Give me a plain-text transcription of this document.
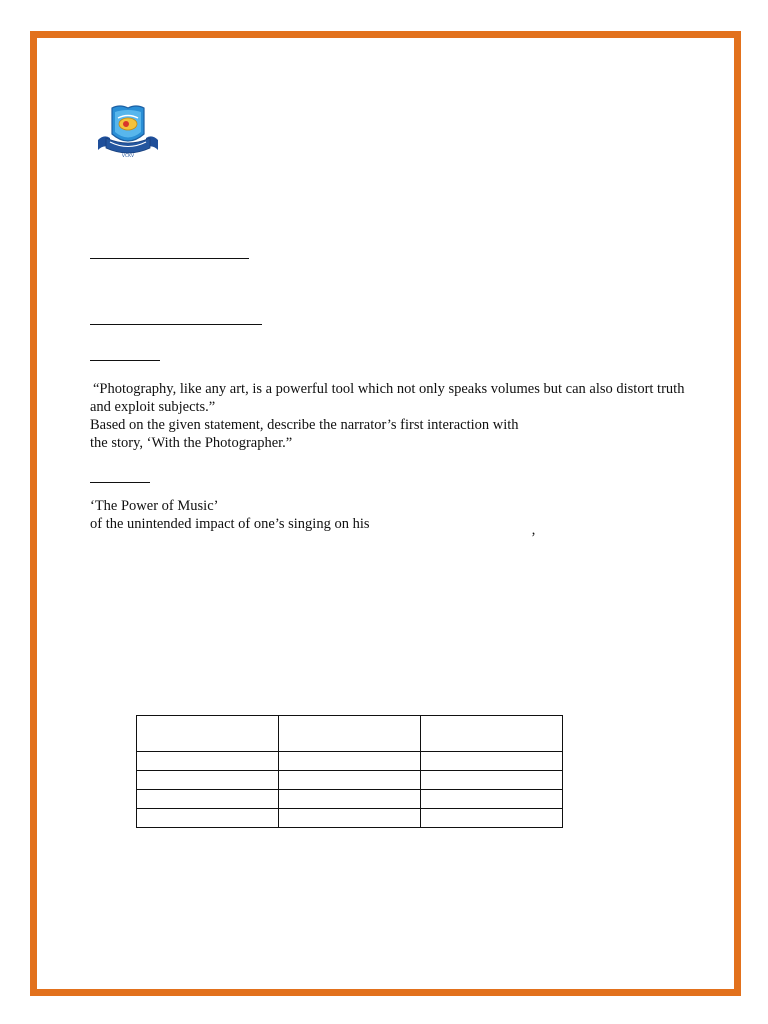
VCKV
“Photography, like any art, is a powerful tool which not only speaks volumes but can also distort truth
and exploit subjects.”
Based on the given statement, describe the narrator’s first interaction with
the story, ‘With the Photographer.”
‘The Power of Music’
of the unintended impact of one’s singing on his
’
